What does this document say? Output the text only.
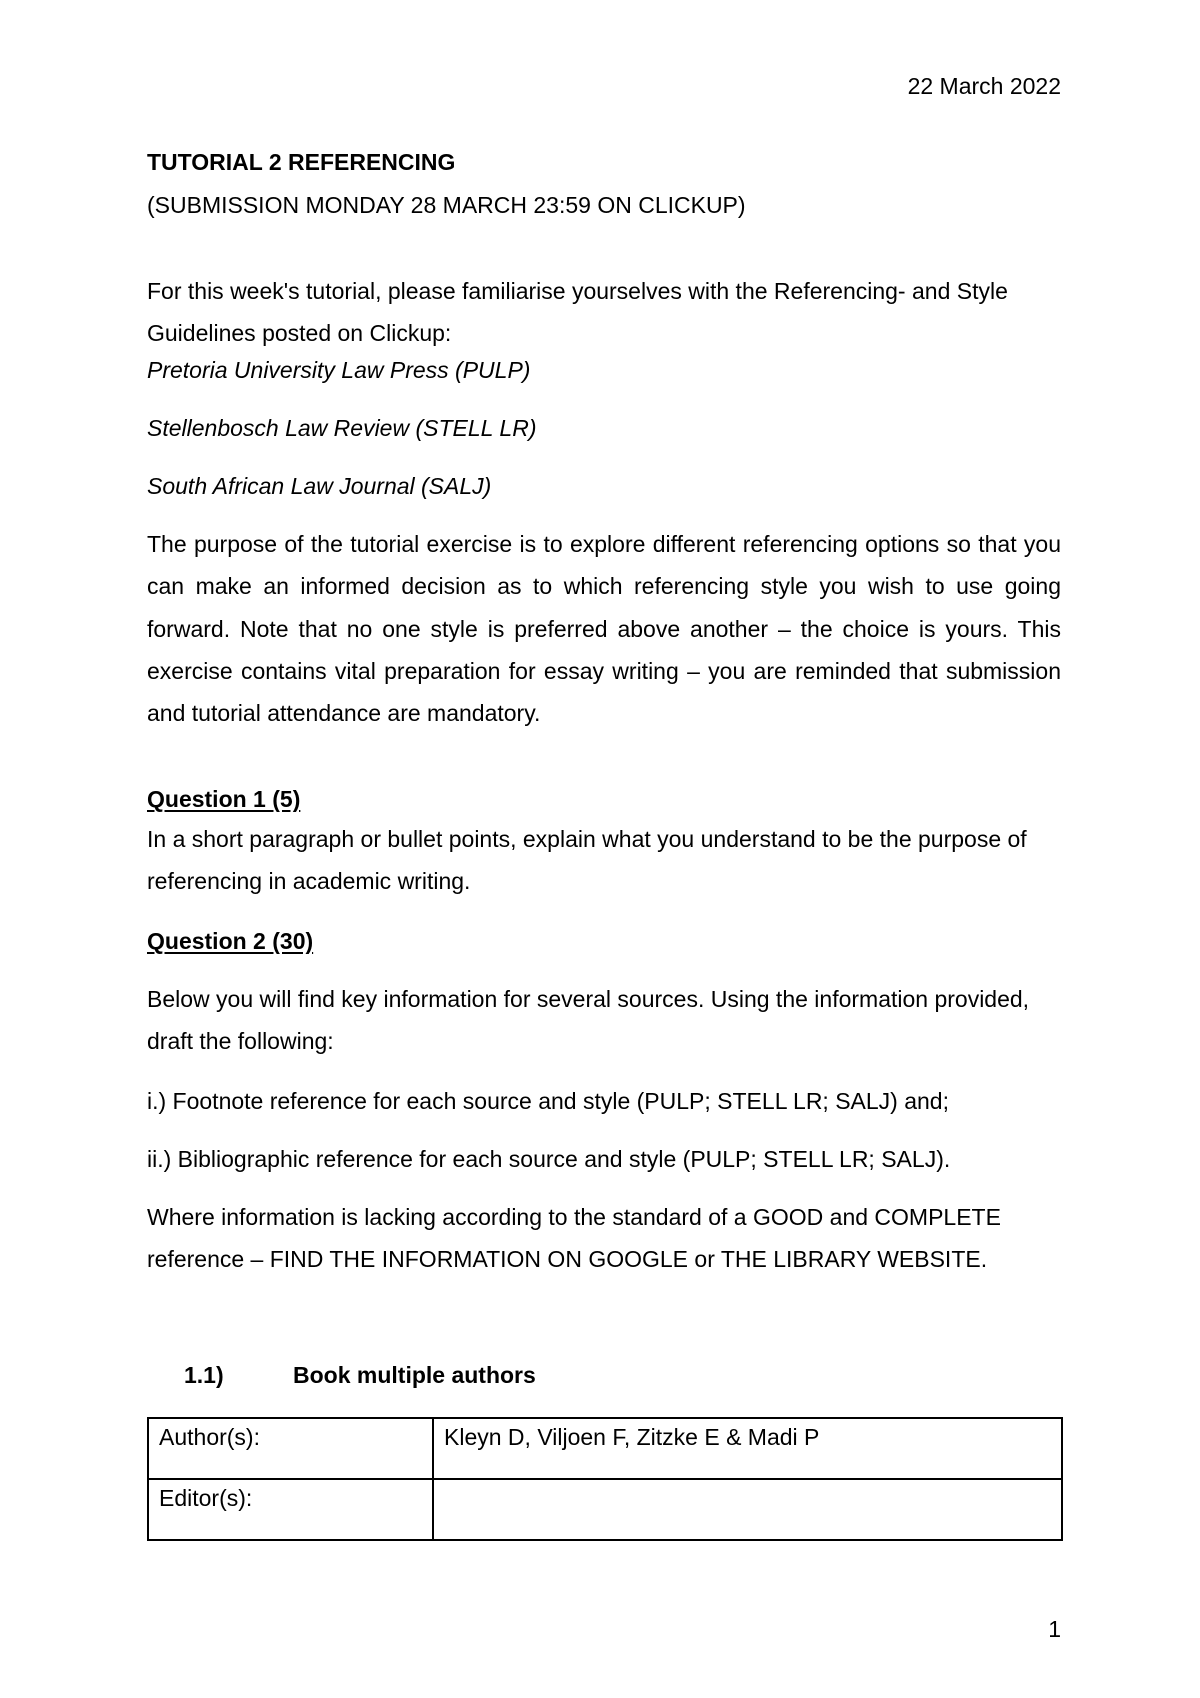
22 March 2022

TUTORIAL 2 REFERENCING

(SUBMISSION MONDAY 28 MARCH 23:59 ON CLICKUP)

For this week's tutorial, please familiarise yourselves with the Referencing- and Style Guidelines posted on Clickup:

Pretoria University Law Press (PULP)

Stellenbosch Law Review (STELL LR)

South African Law Journal (SALJ)

The purpose of the tutorial exercise is to explore different referencing options so that you can make an informed decision as to which referencing style you wish to use going forward. Note that no one style is preferred above another – the choice is yours. This exercise contains vital preparation for essay writing – you are reminded that submission and tutorial attendance are mandatory.

Question 1 (5)

In a short paragraph or bullet points, explain what you understand to be the purpose of referencing in academic writing.

Question 2 (30)

Below you will find key information for several sources. Using the information provided, draft the following:

i.) Footnote reference for each source and style (PULP; STELL LR; SALJ) and;

ii.) Bibliographic reference for each source and style (PULP; STELL LR; SALJ).

Where information is lacking according to the standard of a GOOD and COMPLETE reference – FIND THE INFORMATION ON GOOGLE or THE LIBRARY WEBSITE.

1.1)	Book multiple authors

Author(s):	Kleyn D, Viljoen F, Zitzke E & Madi P
Editor(s):	

1
